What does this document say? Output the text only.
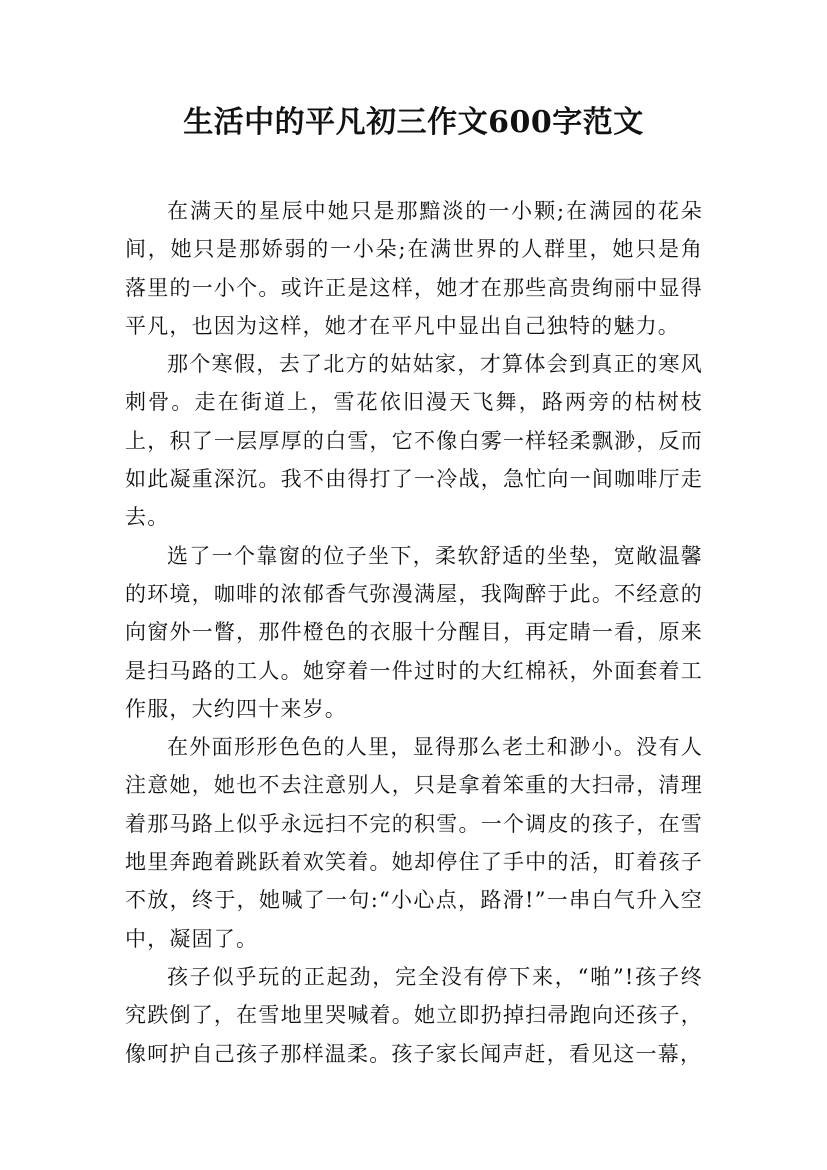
生活中的平凡初三作文600字范文

在满天的星辰中她只是那黯淡的一小颗;在满园的花朵间，她只是那娇弱的一小朵;在满世界的人群里，她只是角落里的一小个。或许正是这样，她才在那些高贵绚丽中显得平凡，也因为这样，她才在平凡中显出自己独特的魅力。

那个寒假，去了北方的姑姑家，才算体会到真正的寒风刺骨。走在街道上，雪花依旧漫天飞舞，路两旁的枯树枝上，积了一层厚厚的白雪，它不像白雾一样轻柔飘渺，反而如此凝重深沉。我不由得打了一冷战，急忙向一间咖啡厅走去。

选了一个靠窗的位子坐下，柔软舒适的坐垫，宽敞温馨的环境，咖啡的浓郁香气弥漫满屋，我陶醉于此。不经意的向窗外一瞥，那件橙色的衣服十分醒目，再定睛一看，原来是扫马路的工人。她穿着一件过时的大红棉袄，外面套着工作服，大约四十来岁。

在外面形形色色的人里，显得那么老土和渺小。没有人注意她，她也不去注意别人，只是拿着笨重的大扫帚，清理着那马路上似乎永远扫不完的积雪。一个调皮的孩子，在雪地里奔跑着跳跃着欢笑着。她却停住了手中的活，盯着孩子不放，终于，她喊了一句:“小心点，路滑!”一串白气升入空中，凝固了。

孩子似乎玩的正起劲，完全没有停下来，“啪”!孩子终究跌倒了，在雪地里哭喊着。她立即扔掉扫帚跑向还孩子，像呵护自己孩子那样温柔。孩子家长闻声赶，看见这一幕，
